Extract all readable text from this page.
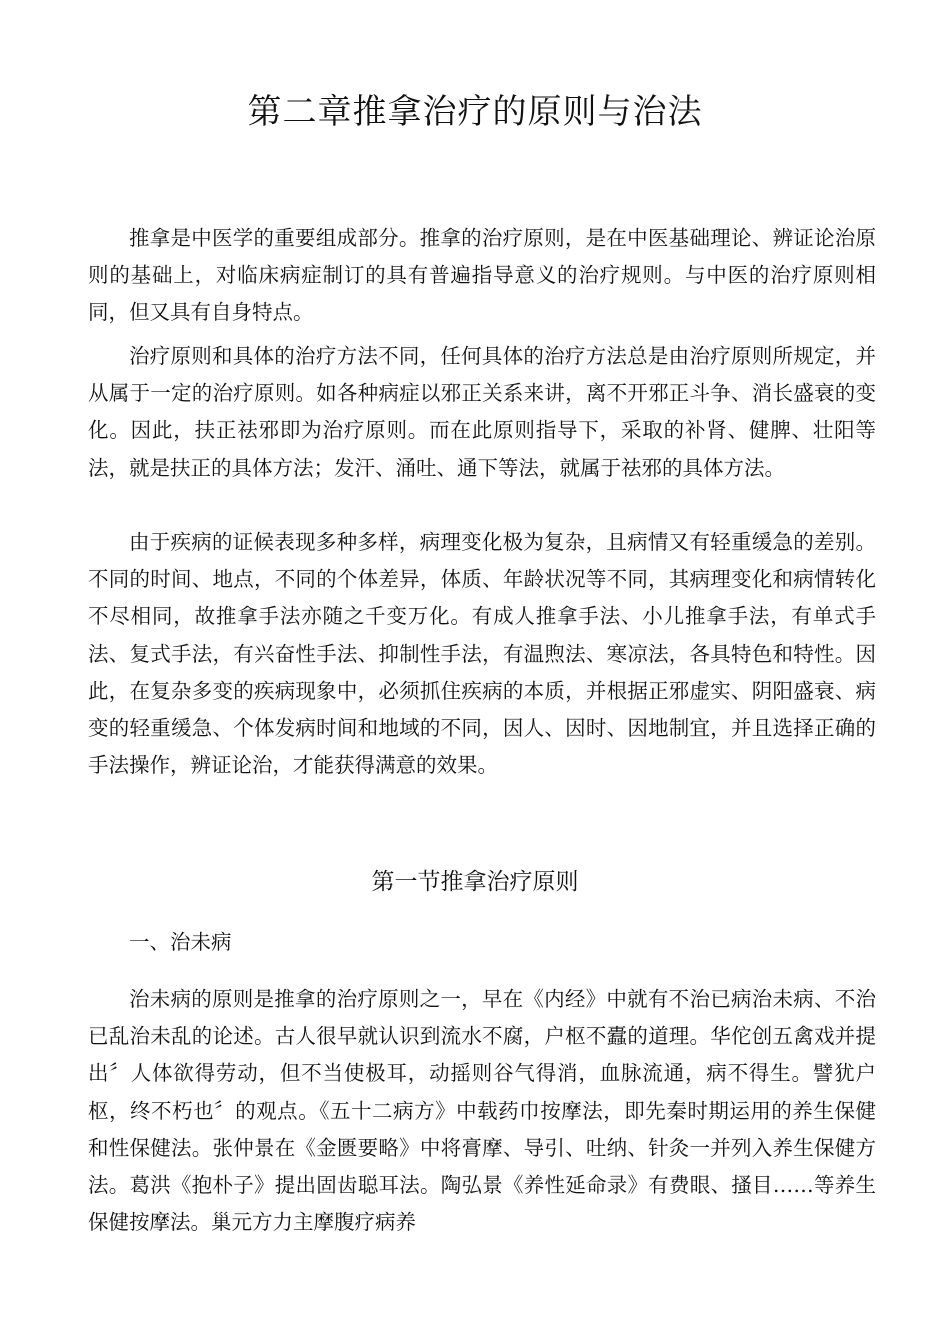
第二章推拿治疗的原则与治法

推拿是中医学的重要组成部分。推拿的治疗原则，是在中医基础理论、辨证论治原则的基础上，对临床病症制订的具有普遍指导意义的治疗规则。与中医的治疗原则相同，但又具有自身特点。

治疗原则和具体的治疗方法不同，任何具体的治疗方法总是由治疗原则所规定，并从属于一定的治疗原则。如各种病症以邪正关系来讲，离不开邪正斗争、消长盛衰的变化。因此，扶正祛邪即为治疗原则。而在此原则指导下，采取的补肾、健脾、壮阳等法，就是扶正的具体方法；发汗、涌吐、通下等法，就属于祛邪的具体方法。

由于疾病的证候表现多种多样，病理变化极为复杂，且病情又有轻重缓急的差别。不同的时间、地点，不同的个体差异，体质、年龄状况等不同，其病理变化和病情转化不尽相同，故推拿手法亦随之千变万化。有成人推拿手法、小儿推拿手法，有单式手法、复式手法，有兴奋性手法、抑制性手法，有温煦法、寒凉法，各具特色和特性。因此，在复杂多变的疾病现象中，必须抓住疾病的本质，并根据正邪虚实、阴阳盛衰、病变的轻重缓急、个体发病时间和地域的不同，因人、因时、因地制宜，并且选择正确的手法操作，辨证论治，才能获得满意的效果。

第一节推拿治疗原则
一、治未病

治未病的原则是推拿的治疗原则之一，早在《内经》中就有不治已病治未病、不治已乱治未乱的论述。古人很早就认识到流水不腐，户枢不蠹的道理。华佗创五禽戏并提出〞人体欲得劳动，但不当使极耳，动摇则谷气得消，血脉流通，病不得生。譬犹户枢，终不朽也〞的观点。《五十二病方》中载药巾按摩法，即先秦时期运用的养生保健和性保健法。张仲景在《金匮要略》中将膏摩、导引、吐纳、针灸一并列入养生保健方法。葛洪《抱朴子》提出固齿聪耳法。陶弘景《养性延命录》有费眼、搔目……等养生保健按摩法。巢元方力主摩腹疗病养
